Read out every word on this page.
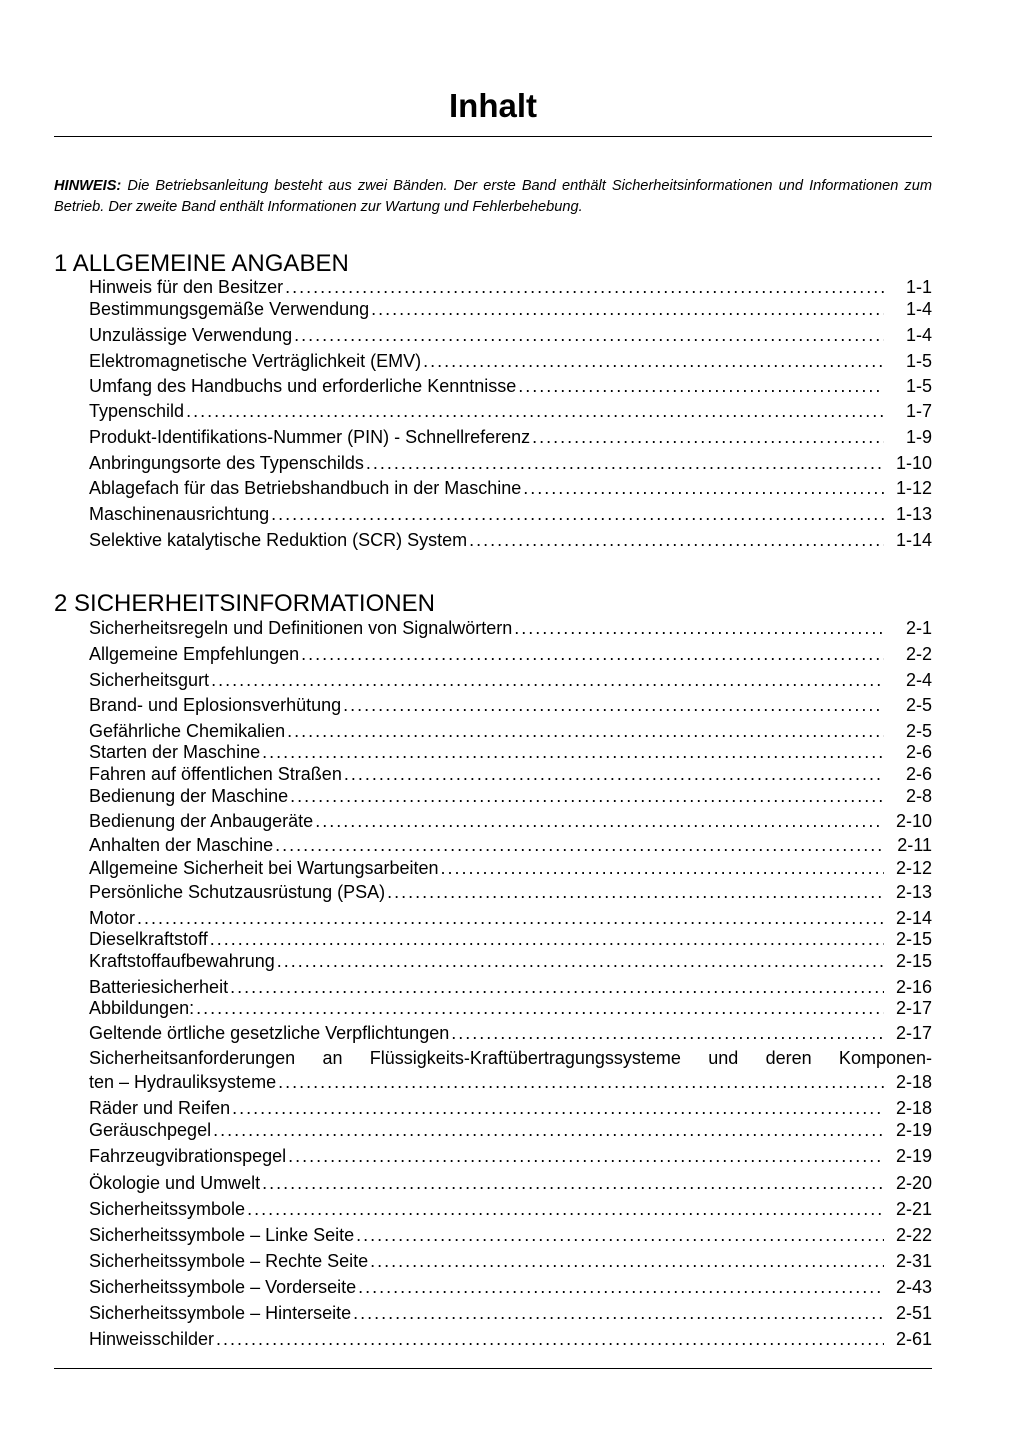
Inhalt

HINWEIS: Die Betriebsanleitung besteht aus zwei Bänden. Der erste Band enthält Sicherheitsinformationen und Informationen zum Betrieb. Der zweite Band enthält Informationen zur Wartung und Fehlerbehebung.

1 ALLGEMEINE ANGABEN
Hinweis für den Besitzer . . .	1-1
Bestimmungsgemäße Verwendung . . .	1-4
Unzulässige Verwendung . . .	1-4
Elektromagnetische Verträglichkeit (EMV) . . .	1-5
Umfang des Handbuchs und erforderliche Kenntnisse . . .	1-5
Typenschild . . .	1-7
Produkt-Identifikations-Nummer (PIN) - Schnellreferenz . . .	1-9
Anbringungsorte des Typenschilds . . .	1-10
Ablagefach für das Betriebshandbuch in der Maschine . . .	1-12
Maschinenausrichtung . . .	1-13
Selektive katalytische Reduktion (SCR) System . . .	1-14
2 SICHERHEITSINFORMATIONEN
Sicherheitsregeln und Definitionen von Signalwörtern . . .	2-1
Allgemeine Empfehlungen . . .	2-2
Sicherheitsgurt . . .	2-4
Brand- und Eplosionsverhütung . . .	2-5
Gefährliche Chemikalien . . .	2-5
Starten der Maschine . . .	2-6
Fahren auf öffentlichen Straßen . . .	2-6
Bedienung der Maschine . . .	2-8
Bedienung der Anbaugeräte . . .	2-10
Anhalten der Maschine . . .	2-11
Allgemeine Sicherheit bei Wartungsarbeiten . . .	2-12
Persönliche Schutzausrüstung (PSA) . . .	2-13
Motor . . .	2-14
Dieselkraftstoff . . .	2-15
Kraftstoffaufbewahrung . . .	2-15
Batteriesicherheit . . .	2-16
Abbildungen: . . .	2-17
Geltende örtliche gesetzliche Verpflichtungen . . .	2-17
Sicherheitsanforderungen an Flüssigkeits-Kraftübertragungssysteme und deren Komponen-
ten – Hydrauliksysteme . . .	2-18
Räder und Reifen . . .	2-18
Geräuschpegel . . .	2-19
Fahrzeugvibrationspegel . . .	2-19
Ökologie und Umwelt . . .	2-20
Sicherheitssymbole . . .	2-21
Sicherheitssymbole – Linke Seite . . .	2-22
Sicherheitssymbole – Rechte Seite . . .	2-31
Sicherheitssymbole – Vorderseite . . .	2-43
Sicherheitssymbole – Hinterseite . . .	2-51
Hinweisschilder . . .	2-61
